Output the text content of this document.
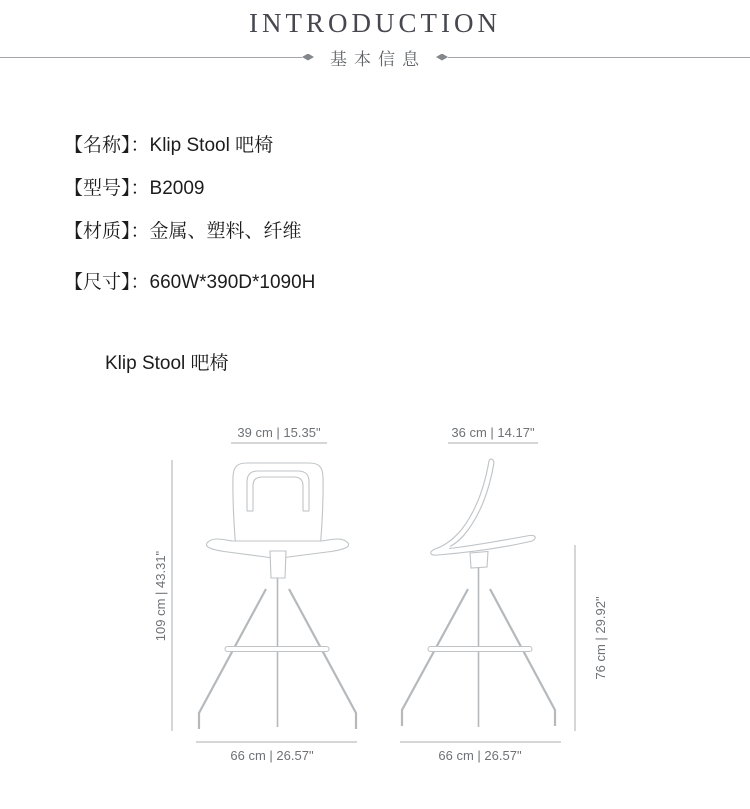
INTRODUCTION
基本信息
【名称】：Klip Stool 吧椅
【型号】：B2009
【材质】：金属、塑料、纤维
【尺寸】：660W*390D*1090H
Klip Stool 吧椅
39 cm | 15.35"
109 cm | 43.31"
66 cm | 26.57"
36 cm | 14.17"
76 cm | 29.92"
66 cm | 26.57"
